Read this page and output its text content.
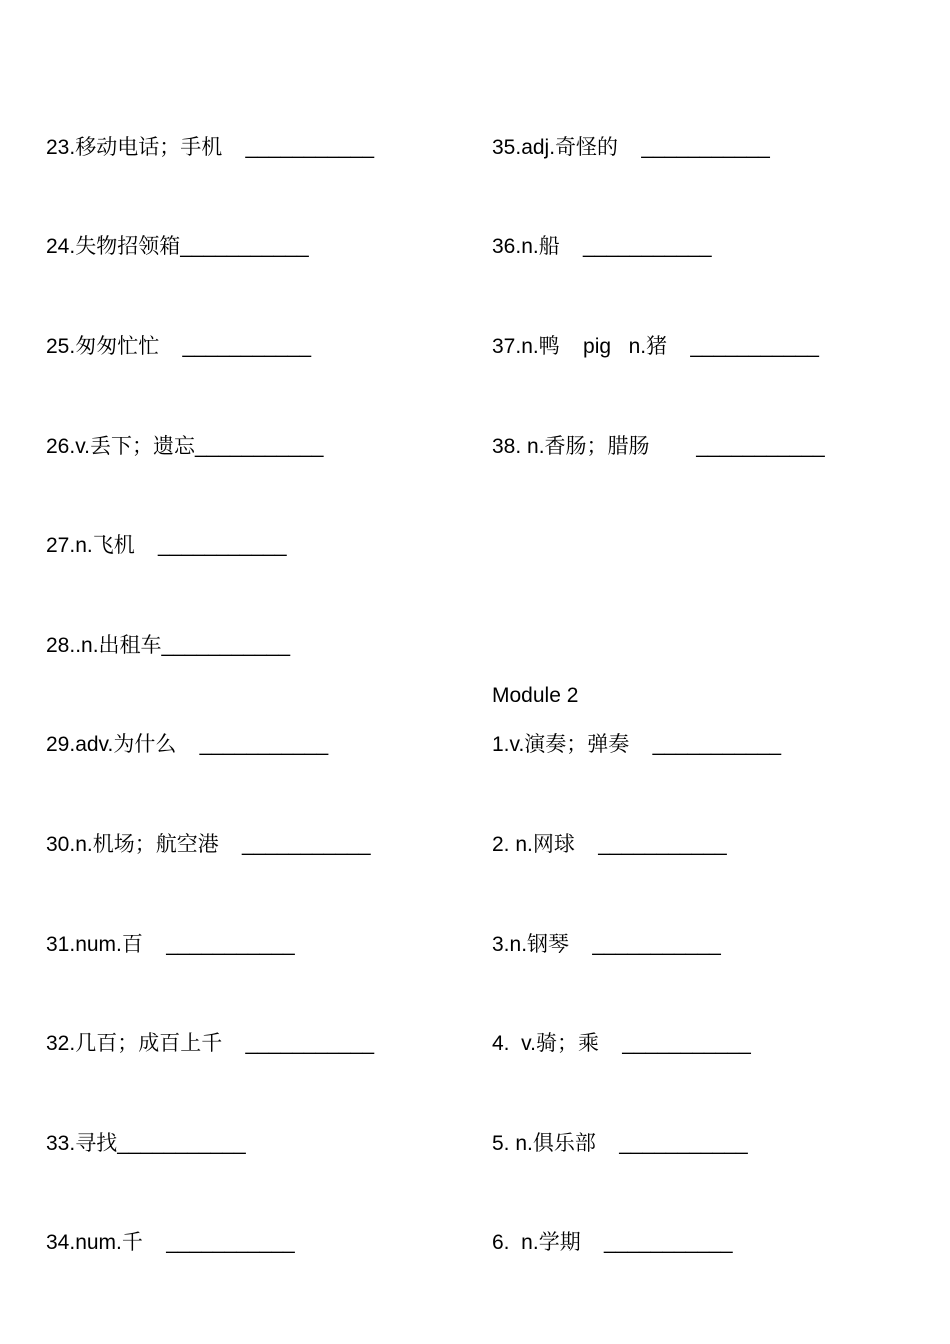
23.移动电话；手机    ___________
24.失物招领箱___________
25.匆匆忙忙    ___________
26.v.丢下；遗忘___________
27.n.飞机    ___________
28..n.出租车___________
29.adv.为什么    ___________
30.n.机场；航空港    ___________
31.num.百    ___________
32.几百；成百上千    ___________
33.寻找___________
34.num.千    ___________
35.adj.奇怪的    ___________
36.n.船    ___________
37.n.鸭    pig   n.猪    ___________
38. n.香肠；腊肠        ___________
Module 2
1.v.演奏；弹奏    ___________
2. n.网球    ___________
3.n.钢琴    ___________
4.  v.骑；乘    ___________
5. n.俱乐部    ___________
6.  n.学期    ___________
